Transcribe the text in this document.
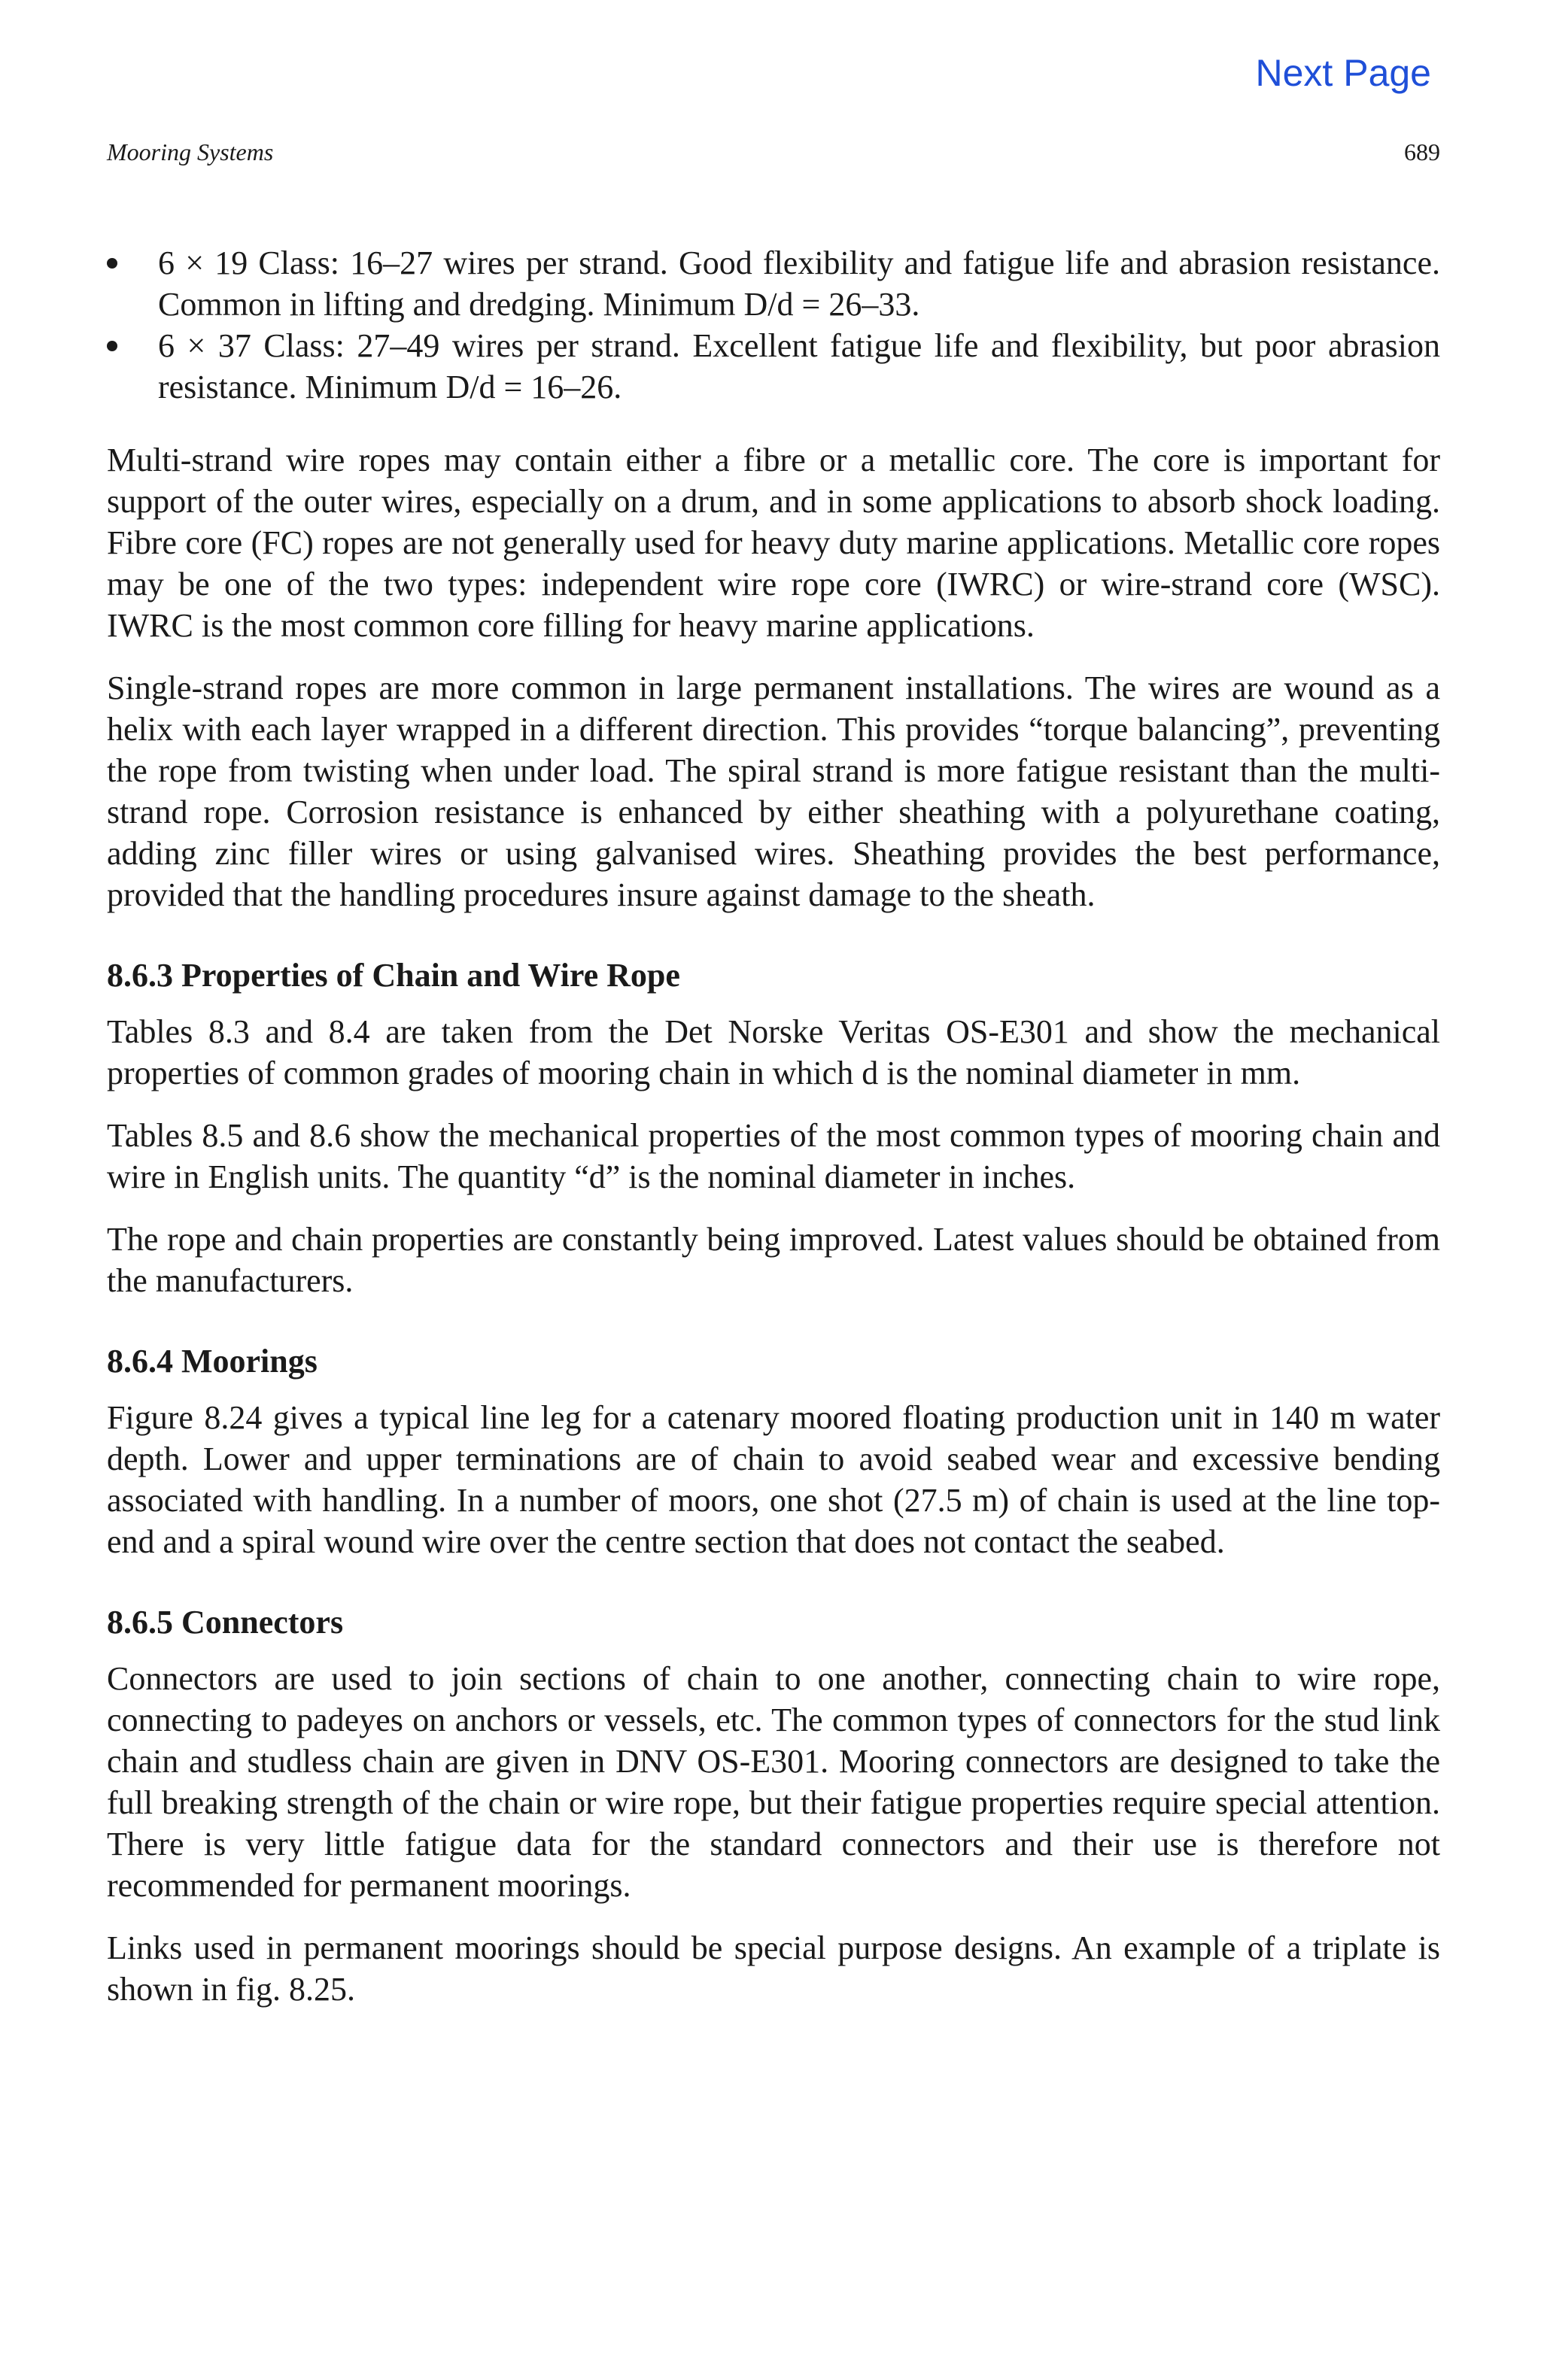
Next Page
Mooring Systems	689
6 × 19 Class: 16–27 wires per strand. Good flexibility and fatigue life and abrasion resistance. Common in lifting and dredging. Minimum D/d = 26–33.
6 × 37 Class: 27–49 wires per strand. Excellent fatigue life and flexibility, but poor abrasion resistance. Minimum D/d = 16–26.

Multi-strand wire ropes may contain either a fibre or a metallic core. The core is important for support of the outer wires, especially on a drum, and in some applications to absorb shock loading. Fibre core (FC) ropes are not generally used for heavy duty marine applications. Metallic core ropes may be one of the two types: independent wire rope core (IWRC) or wire-strand core (WSC). IWRC is the most common core filling for heavy marine applications.

Single-strand ropes are more common in large permanent installations. The wires are wound as a helix with each layer wrapped in a different direction. This provides “torque balancing”, preventing the rope from twisting when under load. The spiral strand is more fatigue resistant than the multi-strand rope. Corrosion resistance is enhanced by either sheathing with a polyurethane coating, adding zinc filler wires or using galvanised wires. Sheathing provides the best performance, provided that the handling procedures insure against damage to the sheath.

8.6.3 Properties of Chain and Wire Rope

Tables 8.3 and 8.4 are taken from the Det Norske Veritas OS-E301 and show the mechanical properties of common grades of mooring chain in which d is the nominal diameter in mm.

Tables 8.5 and 8.6 show the mechanical properties of the most common types of mooring chain and wire in English units. The quantity “d” is the nominal diameter in inches.

The rope and chain properties are constantly being improved. Latest values should be obtained from the manufacturers.

8.6.4 Moorings

Figure 8.24 gives a typical line leg for a catenary moored floating production unit in 140 m water depth. Lower and upper terminations are of chain to avoid seabed wear and excessive bending associated with handling. In a number of moors, one shot (27.5 m) of chain is used at the line top-end and a spiral wound wire over the centre section that does not contact the seabed.

8.6.5 Connectors

Connectors are used to join sections of chain to one another, connecting chain to wire rope, connecting to padeyes on anchors or vessels, etc. The common types of connectors for the stud link chain and studless chain are given in DNV OS-E301. Mooring connectors are designed to take the full breaking strength of the chain or wire rope, but their fatigue properties require special attention. There is very little fatigue data for the standard connectors and their use is therefore not recommended for permanent moorings.

Links used in permanent moorings should be special purpose designs. An example of a triplate is shown in fig. 8.25.
